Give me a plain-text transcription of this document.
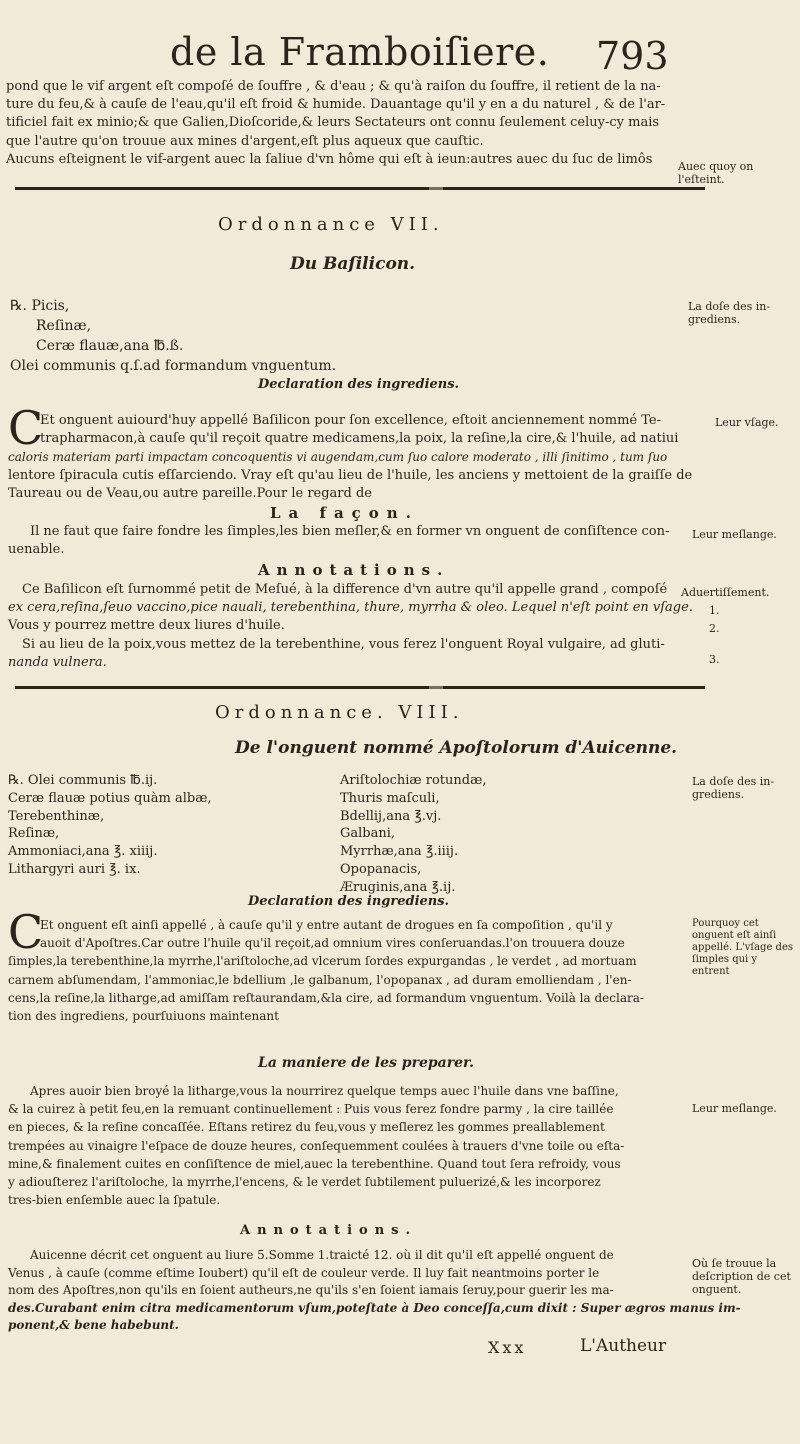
de la Framboiſiere. 793
pond que le vif argent eſt compoſé de ſouffre , & d'eau ; & qu'à raiſon du ſouffre, il retient de la na-
ture du feu,& à cauſe de l'eau,qu'il eſt froid & humide. Dauantage qu'il y en a du naturel , & de l'ar-
tificiel fait ex minio;& que Galien,Dioſcoride,& leurs Sectateurs ont connu ſeulement celuy-cy mais
que l'autre qu'on trouue aux mines d'argent,eſt plus aqueux que cauſtic.
Aucuns eſteignent le vif-argent auec la ſaliue d'vn hôme qui eſt à ieun:autres auec du ſuc de limôs	Auec quoy on l'eſteint.
Ordonnance VII.
Du Baſilicon.
℞. Picis,
Reſinæ,
Ceræ flauæ,ana ℔.ß.
Olei communis q.ſ.ad formandum vnguentum.
La doſe des in-grediens.
Declaration des ingrediens.
C
Et onguent auiourd'huy appellé Baſilicon pour ſon excellence, eſtoit anciennement nommé Te-
trapharmacon,à cauſe qu'il reçoit quatre medicamens,la poix, la reſine,la cire,& l'huile, ad natiui
caloris materiam parti impactam concoquentis vi augendam,cum ſuo calore moderato , illi ſinitimo , tum ſuo
lentore ſpiracula cutis eſſarciendo. Vray eſt qu'au lieu de l'huile, les anciens y mettoient de la graiſſe de
Taureau ou de Veau,ou autre pareille.Pour le regard de
Leur vſage.
La façon.
Il ne faut que faire fondre les ſimples,les bien meſler,& en former vn onguent de conſiſtence con-
uenable.
Leur meſlange.
Annotations.
Ce Baſilicon eſt ſurnommé petit de Meſué, à la difference d'vn autre qu'il appelle grand , compoſé
ex cera,reſina,ſeuo vaccino,pice nauali, terebenthina, thure, myrrha & oleo. Lequel n'eſt point en vſage.
Vous y pourrez mettre deux liures d'huile.
Si au lieu de la poix,vous mettez de la terebenthine, vous ferez l'onguent Royal vulgaire, ad gluti-
nanda vulnera.
Aduertiſſement.
1.
2.
3.
Ordonnance. VIII.
De l'onguent nommé Apoſtolorum d'Auicenne.
℞. Olei communis ℔.ij.
Ceræ flauæ potius quàm albæ,
Terebenthinæ,
Reſinæ,
Ammoniaci,ana ℥. xiiij.
Lithargyri auri ℥. ix.
Ariſtolochiæ rotundæ,
Thuris maſculi,
Bdellij,ana ℥.vj.
Galbani,
Myrrhæ,ana ℥.iiij.
Opopanacis,
Æruginis,ana ℥.ij.
La doſe des in-grediens.
Declaration des ingrediens.
C
Et onguent eſt ainſi appellé , à cauſe qu'il y entre autant de drogues en ſa compoſition , qu'il y
auoit d'Apoſtres.Car outre l'huile qu'il reçoit,ad omnium vires conſeruandas.l'on trouuera douze
ſimples,la terebenthine,la myrrhe,l'ariſtoloche,ad vlcerum ſordes expurgandas , le verdet , ad mortuam
carnem abſumendam, l'ammoniac,le bdellium ,le galbanum, l'opopanax , ad duram emolliendam , l'en-
cens,la reſine,la litharge,ad amiſſam reſtaurandam,&la cire, ad formandum vnguentum. Voilà la declara-
tion des ingrediens, pourſuiuons maintenant
Pourquoy cet onguent eſt ainſi appellé. L'vſage des ſimples qui y entrent
La maniere de les preparer.
Apres auoir bien broyé la litharge,vous la nourrirez quelque temps auec l'huile dans vne baſſine,
& la cuirez à petit feu,en la remuant continuellement : Puis vous ferez fondre parmy , la cire taillée
en pieces, & la reſine concaſſée. Eſtans retirez du feu,vous y meſlerez les gommes preallablement
trempées au vinaigre l'eſpace de douze heures, conſequemment coulées à trauers d'vne toile ou eſta-
mine,& finalement cuites en conſiſtence de miel,auec la terebenthine. Quand tout ſera refroidy, vous
y adiouſterez l'ariſtoloche, la myrrhe,l'encens, & le verdet ſubtilement puluerizé,& les incorporez
tres-bien enſemble auec la ſpatule.
Leur meſlange.
Annotations.
Auicenne décrit cet onguent au liure 5.Somme 1.traicté 12. où il dit qu'il eſt appellé onguent de
Venus , à cauſe (comme eſtime Ioubert) qu'il eſt de couleur verde. Il luy fait neantmoins porter le
nom des Apoſtres,non qu'ils en ſoient autheurs,ne qu'ils s'en ſoient iamais ſeruy,pour guerir les ma-
des.Curabant enim citra medicamentorum vſum,poteſtate à Deo conceſſa,cum dixit : Super ægros manus im-
ponent,& bene habebunt.
Où ſe trouue la deſcription de cet onguent.
Xxx	L'Autheur
